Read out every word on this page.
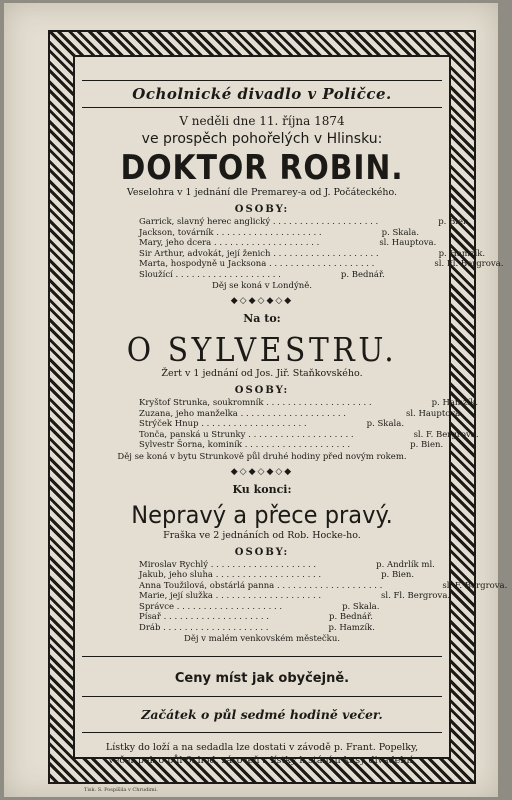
Ocholnické divadlo v Poličce.
V neděli dne 11. října 1874
ve prospěch pohořelých v Hlinsku:
DOKTOR ROBIN.
Veselohra v 1 jednání dle Premarey-a od J. Počáteckého.
OSOBY:
Garrick, slavný herec anglický . . .	p. Bien.
Jackson, továrník . . .	p. Skala.
Mary, jeho dcera . . .	sl. Hauptova.
Sir Arthur, advokát, její ženich . . .	p. Hamzík.
Marta, hospodyně u Jacksona . . .	sl. Fl. Bergrova.
Sloužící . . .	p. Bednář.
Děj se koná v Londýně.
◆◇◆◇◆◇◆
Na to:
O SYLVESTRU.
Žert v 1 jednání od Jos. Jiř. Staňkovského.
OSOBY:
Kryštof Strunka, soukromník . . .	p. Hamzík.
Zuzana, jeho manželka . . .	sl. Hauptova.
Strýček Hnup . . .	p. Skala.
Tonča, panská u Strunky . . .	sl. F. Bergrova.
Sylvestr Šorna, kominík . . .	p. Bien.
Děj se koná v bytu Strunkově půl druhé hodiny před novým rokem.
◆◇◆◇◆◇◆
Ku konci:
Nepravý a přece pravý.
Fraška ve 2 jednáních od Rob. Hocke-ho.
OSOBY:
Miroslav Rychlý . . .	p. Andrlík ml.
Jakub, jeho sluha . . .	p. Bien.
Anna Toužilová, obstárlá panna . . .	sl. F. Bergrova.
Marie, její služka . . .	sl. Fl. Bergrova.
Správce . . .	p. Skala.
Písař . . .	p. Bednář.
Dráb . . .	p. Hamzík.
Děj v malém venkovském městečku.
Ceny míst jak obyčejně.
Začátek o půl sedmé hodině večer.
Lístky do loží a na sedadla lze dostati v závodě p. Frant. Popelky,
večer pak o půl 6. hod. zároveň s lístky k stání u kasy divadelní.
Tisk. S. Pospíšila v Chrudimi.
